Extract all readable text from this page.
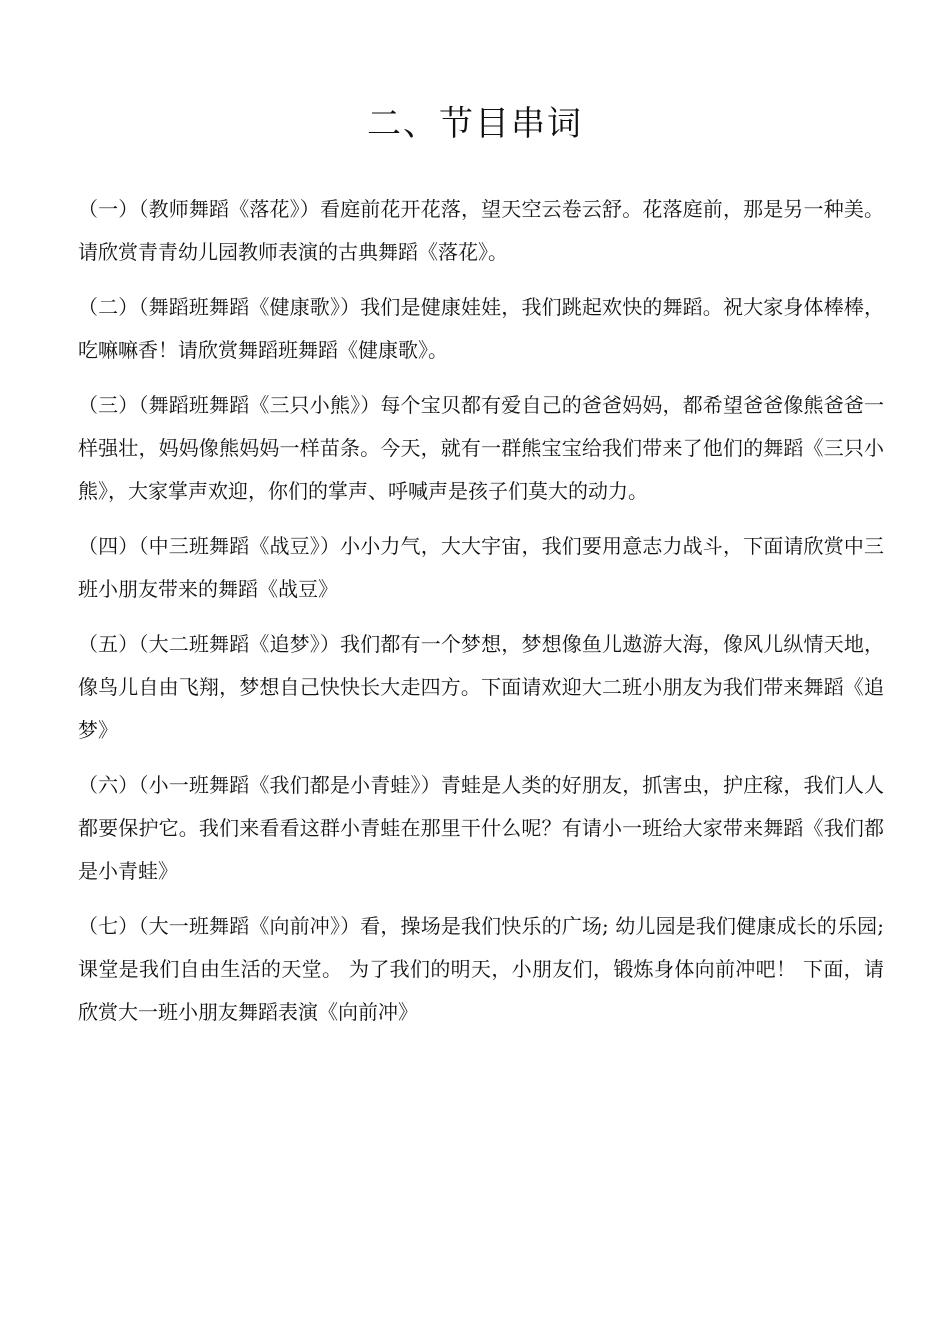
二、节目串词

（一）（教师舞蹈《落花》）看庭前花开花落，望天空云卷云舒。花落庭前，那是另一种美。请欣赏青青幼儿园教师表演的古典舞蹈《落花》。

（二）（舞蹈班舞蹈《健康歌》）我们是健康娃娃，我们跳起欢快的舞蹈。祝大家身体棒棒，吃嘛嘛香！请欣赏舞蹈班舞蹈《健康歌》。

（三）（舞蹈班舞蹈《三只小熊》）每个宝贝都有爱自己的爸爸妈妈，都希望爸爸像熊爸爸一样强壮，妈妈像熊妈妈一样苗条。今天，就有一群熊宝宝给我们带来了他们的舞蹈《三只小熊》，大家掌声欢迎，你们的掌声、呼喊声是孩子们莫大的动力。

（四）（中三班舞蹈《战豆》）小小力气，大大宇宙，我们要用意志力战斗，下面请欣赏中三班小朋友带来的舞蹈《战豆》

（五）（大二班舞蹈《追梦》）我们都有一个梦想，梦想像鱼儿遨游大海，像风儿纵情天地，像鸟儿自由飞翔，梦想自己快快长大走四方。下面请欢迎大二班小朋友为我们带来舞蹈《追梦》

（六）（小一班舞蹈《我们都是小青蛙》）青蛙是人类的好朋友，抓害虫，护庄稼，我们人人都要保护它。我们来看看这群小青蛙在那里干什么呢？有请小一班给大家带来舞蹈《我们都是小青蛙》

（七）（大一班舞蹈《向前冲》）看，操场是我们快乐的广场; 幼儿园是我们健康成长的乐园; 课堂是我们自由生活的天堂。 为了我们的明天，小朋友们，锻炼身体向前冲吧！ 下面，请欣赏大一班小朋友舞蹈表演《向前冲》
